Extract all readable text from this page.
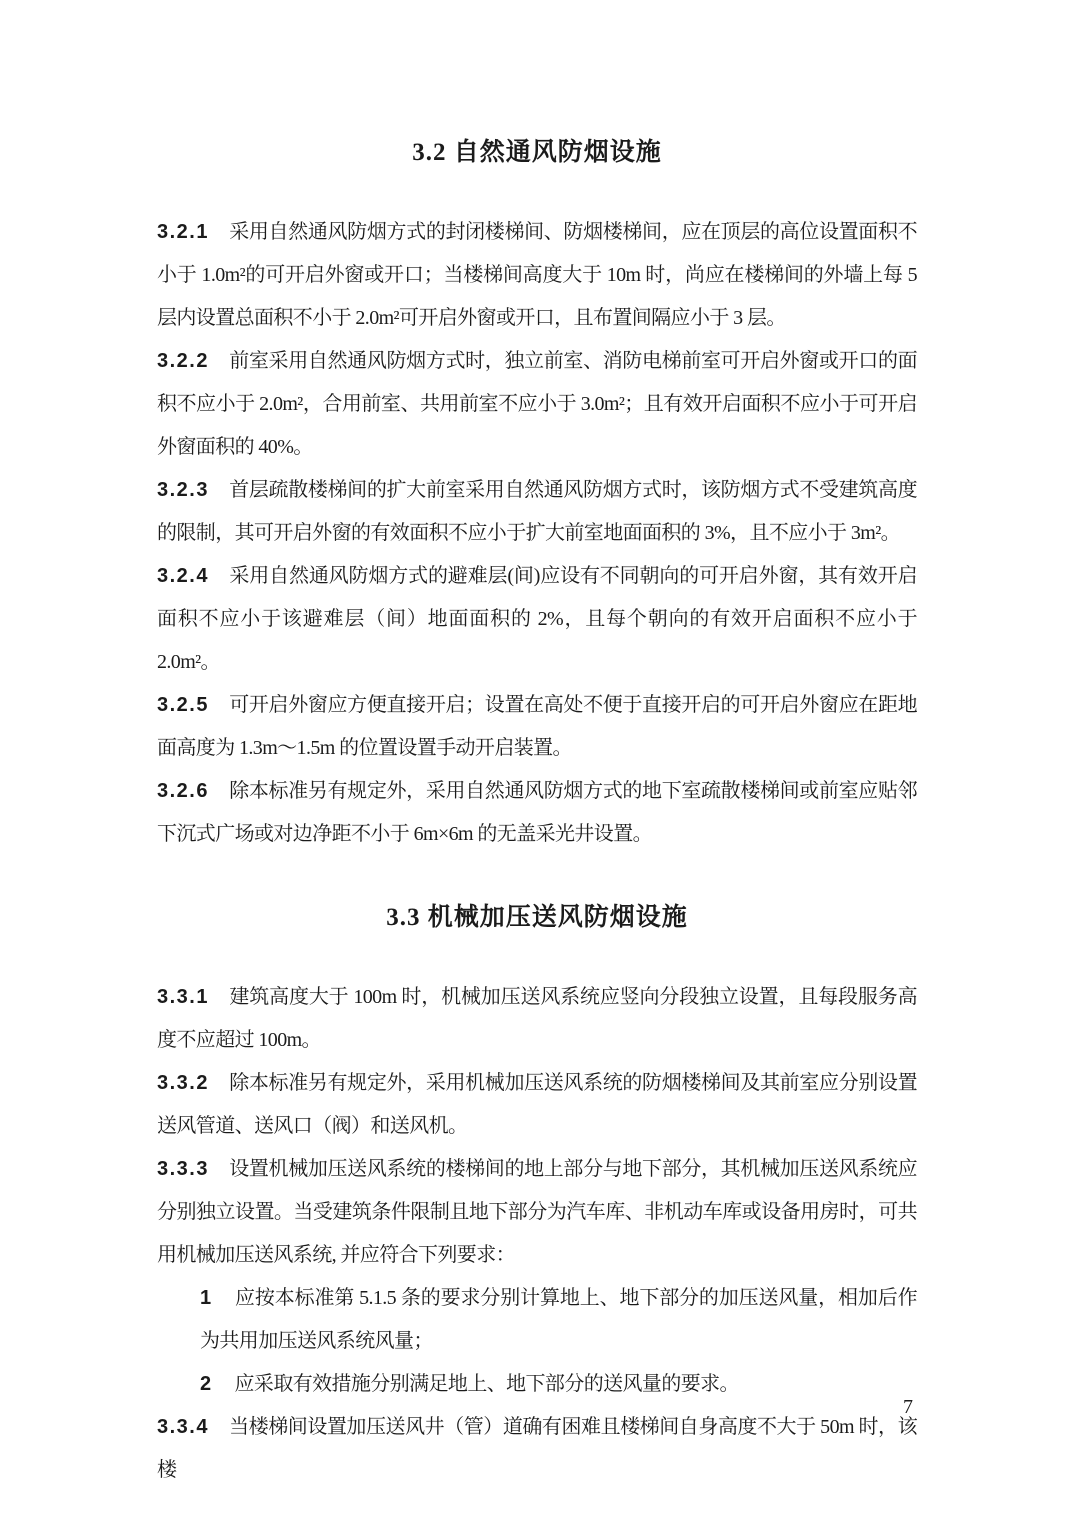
3.2 自然通风防烟设施

3.2.1 采用自然通风防烟方式的封闭楼梯间、防烟楼梯间，应在顶层的高位设置面积不小于 1.0m²的可开启外窗或开口；当楼梯间高度大于 10m 时，尚应在楼梯间的外墙上每 5 层内设置总面积不小于 2.0m²可开启外窗或开口，且布置间隔应小于 3 层。

3.2.2 前室采用自然通风防烟方式时，独立前室、消防电梯前室可开启外窗或开口的面积不应小于 2.0m²，合用前室、共用前室不应小于 3.0m²；且有效开启面积不应小于可开启外窗面积的 40%。

3.2.3 首层疏散楼梯间的扩大前室采用自然通风防烟方式时，该防烟方式不受建筑高度的限制，其可开启外窗的有效面积不应小于扩大前室地面面积的 3%，且不应小于 3m²。

3.2.4 采用自然通风防烟方式的避难层(间)应设有不同朝向的可开启外窗，其有效开启面积不应小于该避难层（间）地面面积的 2%，且每个朝向的有效开启面积不应小于 2.0m²。

3.2.5 可开启外窗应方便直接开启；设置在高处不便于直接开启的可开启外窗应在距地面高度为 1.3m～1.5m 的位置设置手动开启装置。

3.2.6 除本标准另有规定外，采用自然通风防烟方式的地下室疏散楼梯间或前室应贴邻下沉式广场或对边净距不小于 6m×6m 的无盖采光井设置。

3.3 机械加压送风防烟设施

3.3.1 建筑高度大于 100m 时，机械加压送风系统应竖向分段独立设置，且每段服务高度不应超过 100m。

3.3.2 除本标准另有规定外，采用机械加压送风系统的防烟楼梯间及其前室应分别设置送风管道、送风口（阀）和送风机。

3.3.3 设置机械加压送风系统的楼梯间的地上部分与地下部分，其机械加压送风系统应分别独立设置。当受建筑条件限制且地下部分为汽车库、非机动车库或设备用房时，可共用机械加压送风系统, 并应符合下列要求：

1 应按本标准第 5.1.5 条的要求分别计算地上、地下部分的加压送风量，相加后作为共用加压送风系统风量；

2 应采取有效措施分别满足地上、地下部分的送风量的要求。

3.3.4 当楼梯间设置加压送风井（管）道确有困难且楼梯间自身高度不大于 50m 时，该楼

7
